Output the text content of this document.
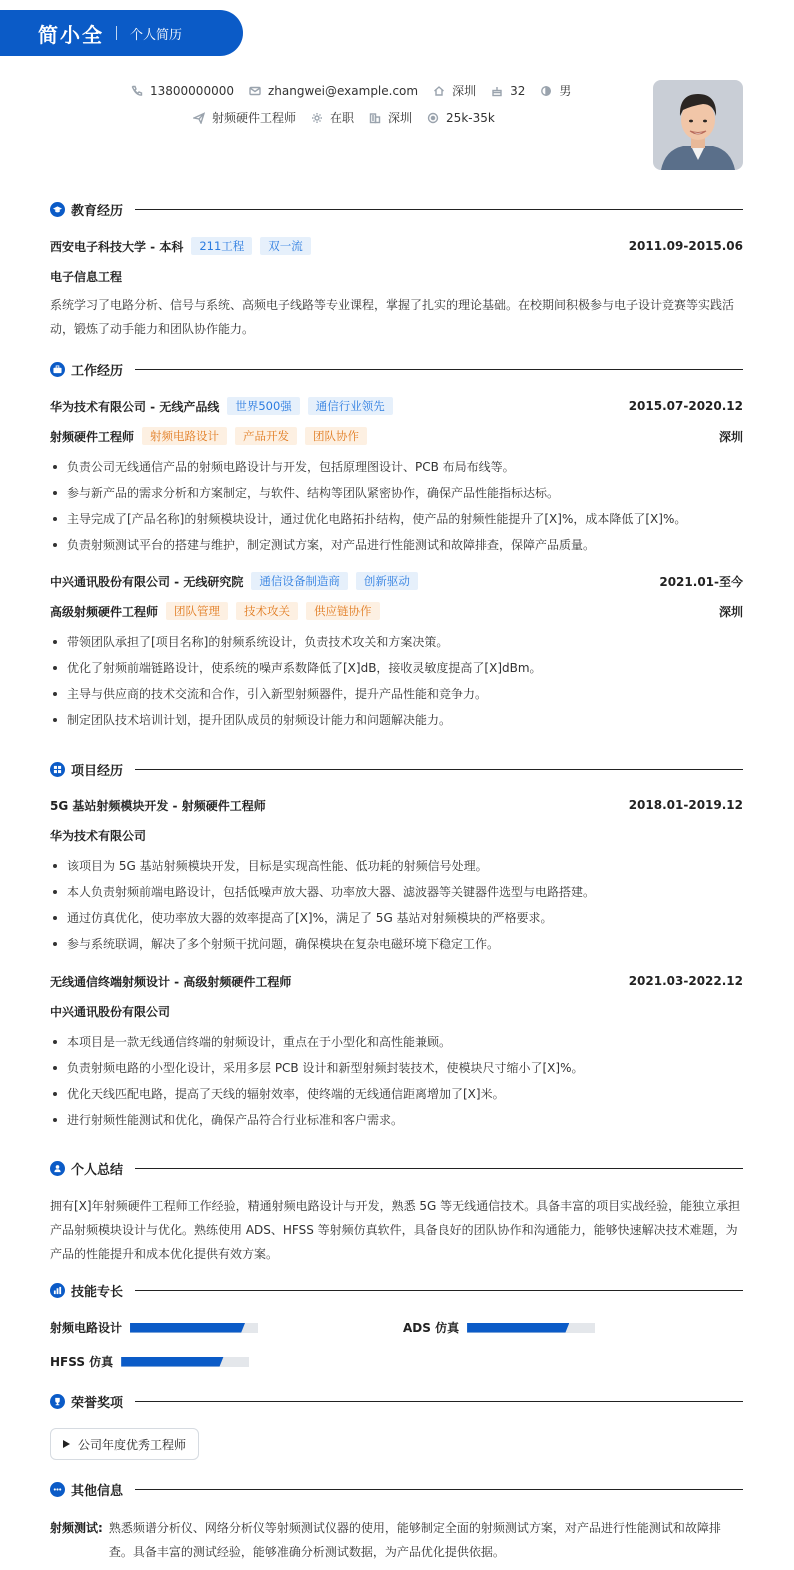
简小全 个人简历
13800000000	zhangwei@example.com	深圳	32	男
射频硬件工程师	在职	深圳	25k-35k
教育经历
西安电子科技大学 - 本科	211工程	双一流	2011.09-2015.06
电子信息工程
系统学习了电路分析、信号与系统、高频电子线路等专业课程，掌握了扎实的理论基础。在校期间积极参与电子设计竞赛等实践活动，锻炼了动手能力和团队协作能力。
工作经历
华为技术有限公司 - 无线产品线	世界500强	通信行业领先	2015.07-2020.12
射频硬件工程师	射频电路设计	产品开发	团队协作	深圳
负责公司无线通信产品的射频电路设计与开发，包括原理图设计、PCB 布局布线等。
参与新产品的需求分析和方案制定，与软件、结构等团队紧密协作，确保产品性能指标达标。
主导完成了[产品名称]的射频模块设计，通过优化电路拓扑结构，使产品的射频性能提升了[X]%，成本降低了[X]%。
负责射频测试平台的搭建与维护，制定测试方案，对产品进行性能测试和故障排查，保障产品质量。
中兴通讯股份有限公司 - 无线研究院	通信设备制造商	创新驱动	2021.01-至今
高级射频硬件工程师	团队管理	技术攻关	供应链协作	深圳
带领团队承担了[项目名称]的射频系统设计，负责技术攻关和方案决策。
优化了射频前端链路设计，使系统的噪声系数降低了[X]dB，接收灵敏度提高了[X]dBm。
主导与供应商的技术交流和合作，引入新型射频器件，提升产品性能和竞争力。
制定团队技术培训计划，提升团队成员的射频设计能力和问题解决能力。
项目经历
5G 基站射频模块开发 - 射频硬件工程师	2018.01-2019.12
华为技术有限公司
该项目为 5G 基站射频模块开发，目标是实现高性能、低功耗的射频信号处理。
本人负责射频前端电路设计，包括低噪声放大器、功率放大器、滤波器等关键器件选型与电路搭建。
通过仿真优化，使功率放大器的效率提高了[X]%，满足了 5G 基站对射频模块的严格要求。
参与系统联调，解决了多个射频干扰问题，确保模块在复杂电磁环境下稳定工作。
无线通信终端射频设计 - 高级射频硬件工程师	2021.03-2022.12
中兴通讯股份有限公司
本项目是一款无线通信终端的射频设计，重点在于小型化和高性能兼顾。
负责射频电路的小型化设计，采用多层 PCB 设计和新型射频封装技术，使模块尺寸缩小了[X]%。
优化天线匹配电路，提高了天线的辐射效率，使终端的无线通信距离增加了[X]米。
进行射频性能测试和优化，确保产品符合行业标准和客户需求。
个人总结
拥有[X]年射频硬件工程师工作经验，精通射频电路设计与开发，熟悉 5G 等无线通信技术。具备丰富的项目实战经验，能独立承担产品射频模块设计与优化。熟练使用 ADS、HFSS 等射频仿真软件，具备良好的团队协作和沟通能力，能够快速解决技术难题，为产品的性能提升和成本优化提供有效方案。
技能专长
射频电路设计	ADS 仿真
HFSS 仿真
荣誉奖项
公司年度优秀工程师
其他信息
射频测试: 熟悉频谱分析仪、网络分析仪等射频测试仪器的使用，能够制定全面的射频测试方案，对产品进行性能测试和故障排查。具备丰富的测试经验，能够准确分析测试数据，为产品优化提供依据。
